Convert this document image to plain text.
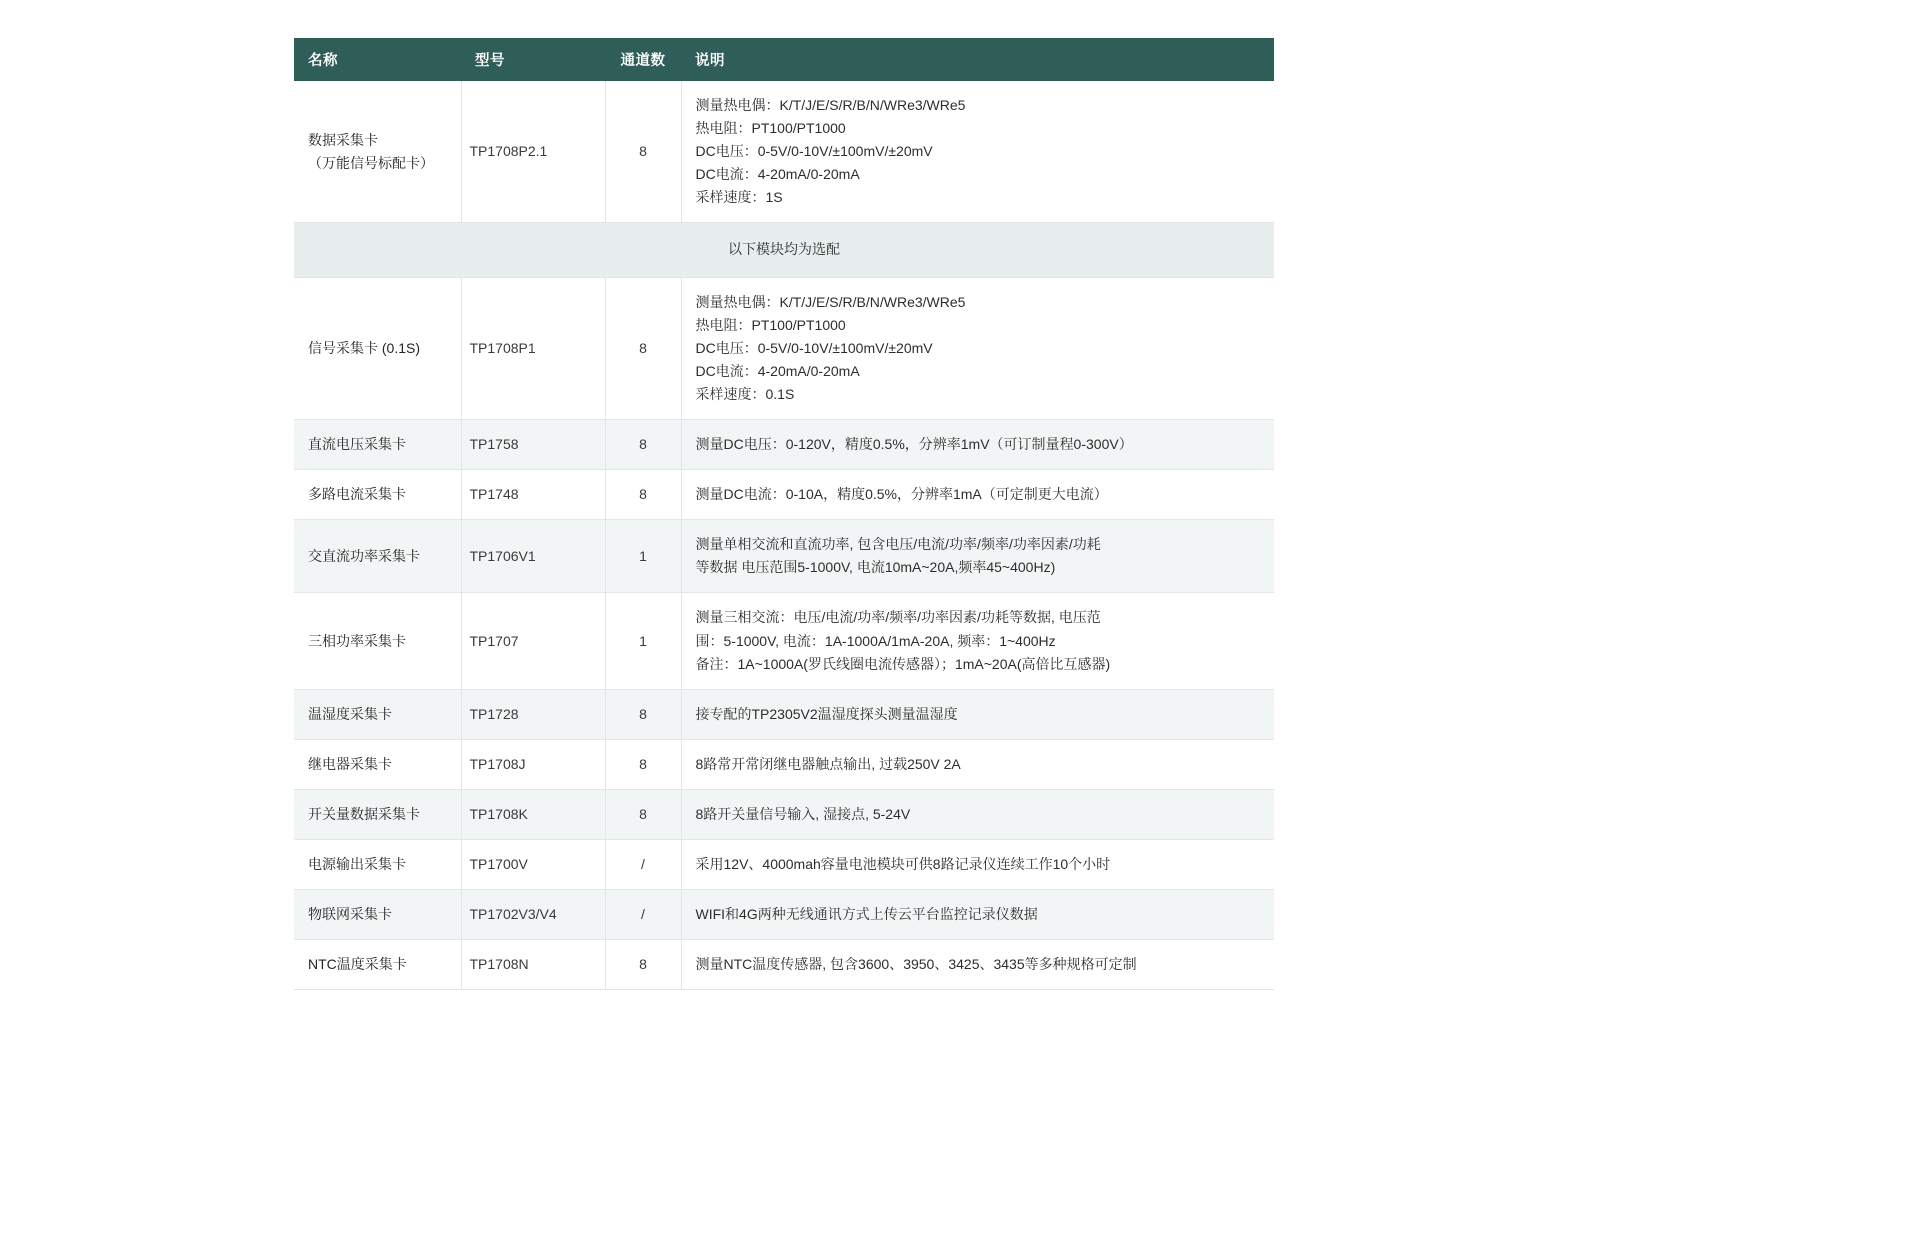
名称	型号	通道数	说明

数据采集卡
（万能信号标配卡）	TP1708P2.1	8	测量热电偶：K/T/J/E/S/R/B/N/WRe3/WRe5
热电阻：PT100/PT1000
DC电压：0-5V/0-10V/±100mV/±20mV
DC电流：4-20mA/0-20mA
采样速度：1S

以下模块均为选配			

信号采集卡 (0.1S)	TP1708P1	8	测量热电偶：K/T/J/E/S/R/B/N/WRe3/WRe5
热电阻：PT100/PT1000
DC电压：0-5V/0-10V/±100mV/±20mV
DC电流：4-20mA/0-20mA
采样速度：0.1S

直流电压采集卡	TP1758	8	测量DC电压：0-120V，精度0.5%，分辨率1mV（可订制量程0-300V）

多路电流采集卡	TP1748	8	测量DC电流：0-10A，精度0.5%，分辨率1mA（可定制更大电流）

交直流功率采集卡	TP1706V1	1	测量单相交流和直流功率, 包含电压/电流/功率/频率/功率因素/功耗
等数据 电压范围5-1000V, 电流10mA~20A,频率45~400Hz)

三相功率采集卡	TP1707	1	测量三相交流：电压/电流/功率/频率/功率因素/功耗等数据, 电压范
围：5-1000V, 电流：1A-1000A/1mA-20A, 频率：1~400Hz
备注：1A~1000A(罗氏线圈电流传感器）；1mA~20A(高倍比互感器)

温湿度采集卡	TP1728	8	接专配的TP2305V2温湿度探头测量温湿度

继电器采集卡	TP1708J	8	8路常开常闭继电器触点输出, 过载250V 2A

开关量数据采集卡	TP1708K	8	8路开关量信号输入, 湿接点, 5-24V

电源输出采集卡	TP1700V	/	采用12V、4000mah容量电池模块可供8路记录仪连续工作10个小时

物联网采集卡	TP1702V3/V4	/	WIFI和4G两种无线通讯方式上传云平台监控记录仪数据

NTC温度采集卡	TP1708N	8	测量NTC温度传感器, 包含3600、3950、3425、3435等多种规格可定制
